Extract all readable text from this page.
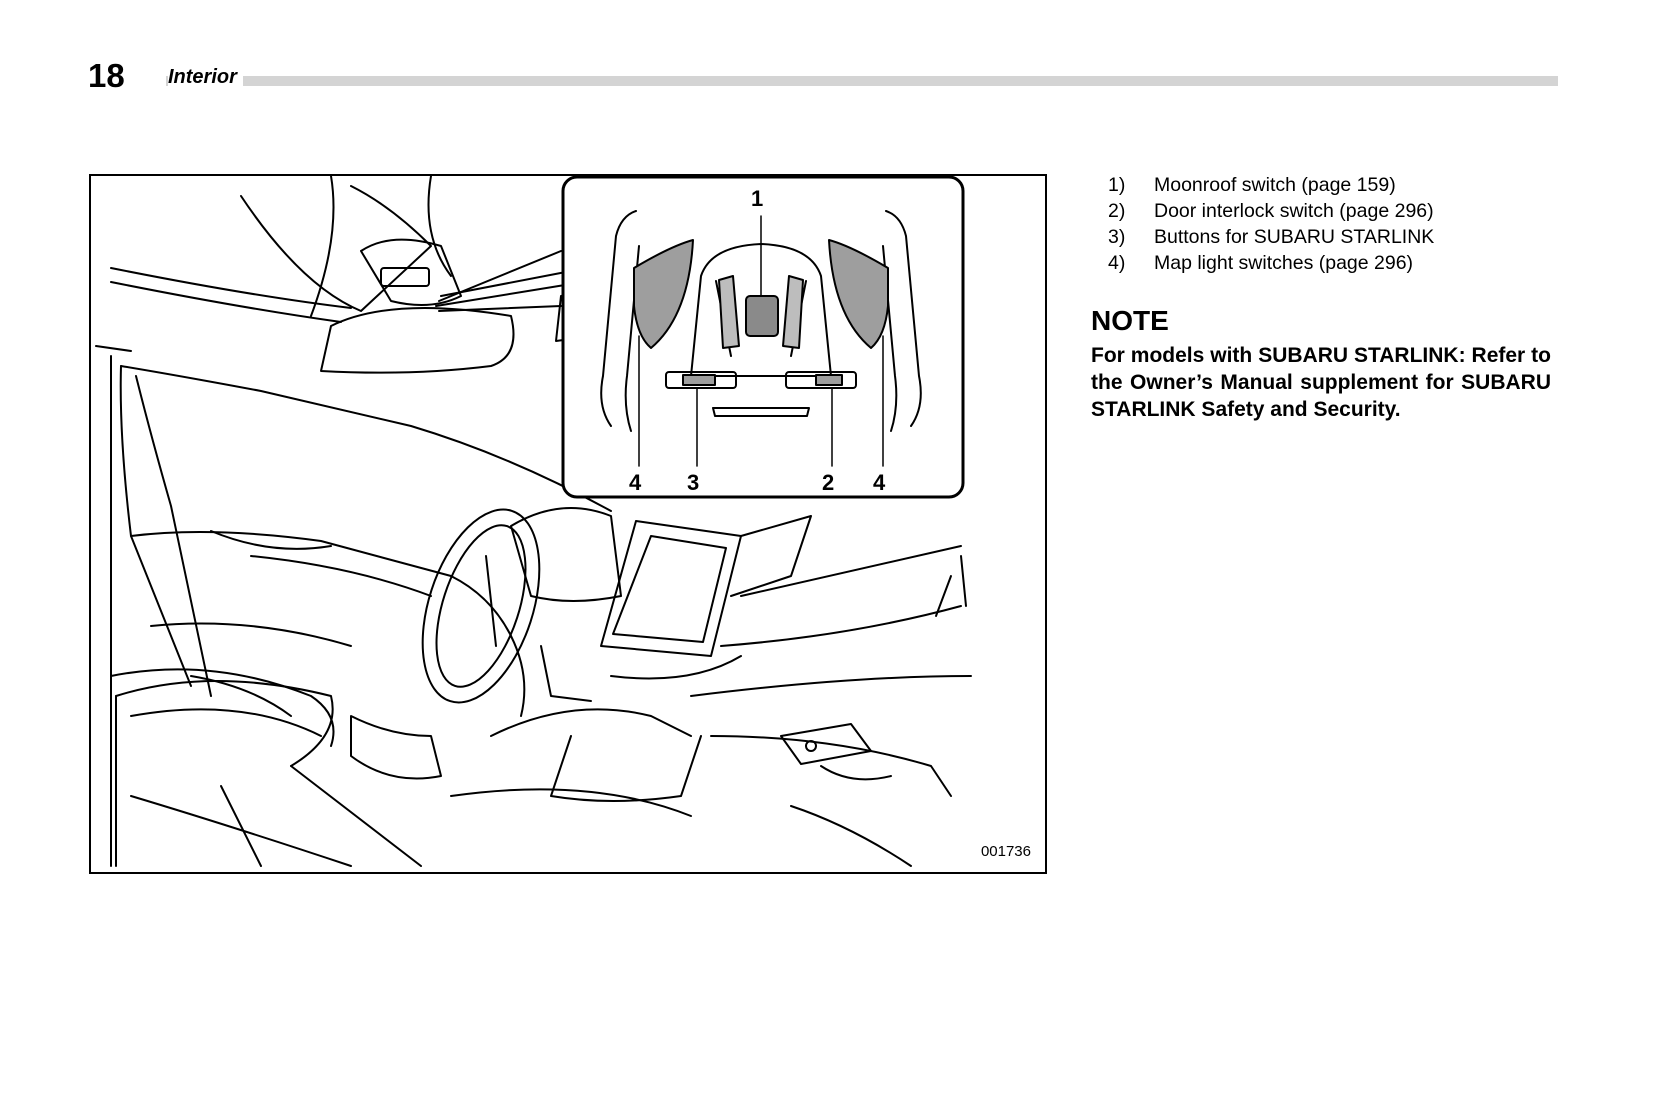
18 Interior
1
2
3
4	4
001736
1) Moonroof switch (page 159)
2) Door interlock switch (page 296)
3) Buttons for SUBARU STARLINK
4) Map light switches (page 296)
NOTE
For models with SUBARU STARLINK: Refer to the Owner’s Manual supplement for SUBARU STARLINK Safety and Security.
